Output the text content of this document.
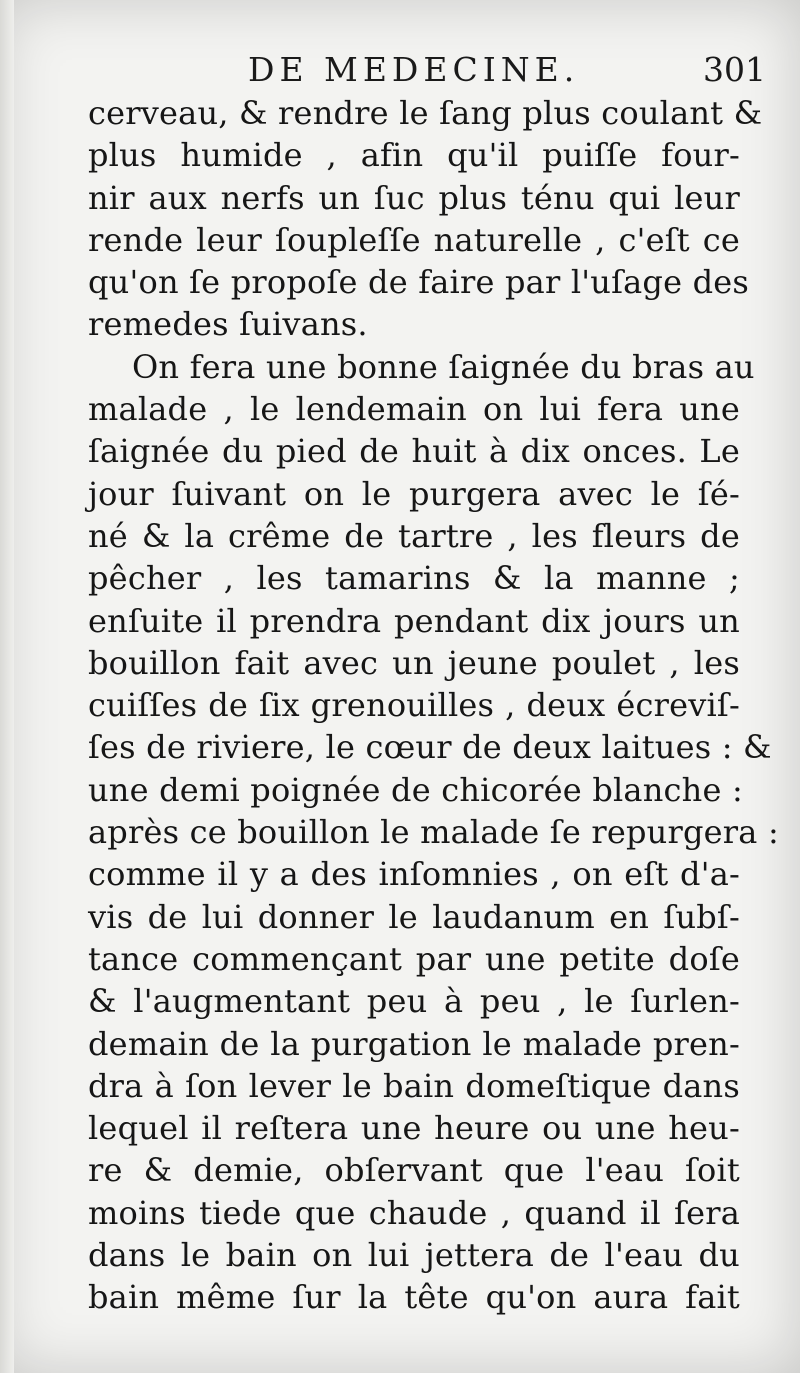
DE MEDECINE.	301
cerveau, & rendre le ſang plus coulant &
plus humide , afin qu'il puiſſe four-
nir aux nerfs un ſuc plus ténu qui leur
rende leur ſoupleſſe naturelle , c'eſt ce
qu'on ſe propoſe de faire par l'uſage des
remedes ſuivans.
On fera une bonne ſaignée du bras au
malade , le lendemain on lui fera une
ſaignée du pied de huit à dix onces. Le
jour ſuivant on le purgera avec le ſé-
né & la crême de tartre , les fleurs de
pêcher , les tamarins & la manne ;
enſuite il prendra pendant dix jours un
bouillon fait avec un jeune poulet , les
cuiſſes de ſix grenouilles , deux écreviſ-
ſes de riviere, le cœur de deux laitues : &
une demi poignée de chicorée blanche :
après ce bouillon le malade ſe repurgera :
comme il y a des inſomnies , on eſt d'a-
vis de lui donner le laudanum en ſubſ-
tance commençant par une petite doſe
& l'augmentant peu à peu , le ſurlen-
demain de la purgation le malade pren-
dra à ſon lever le bain domeſtique dans
lequel il reſtera une heure ou une heu-
re & demie, obſervant que l'eau ſoit
moins tiede que chaude , quand il ſera
dans le bain on lui jettera de l'eau du
bain même ſur la tête qu'on aura fait
